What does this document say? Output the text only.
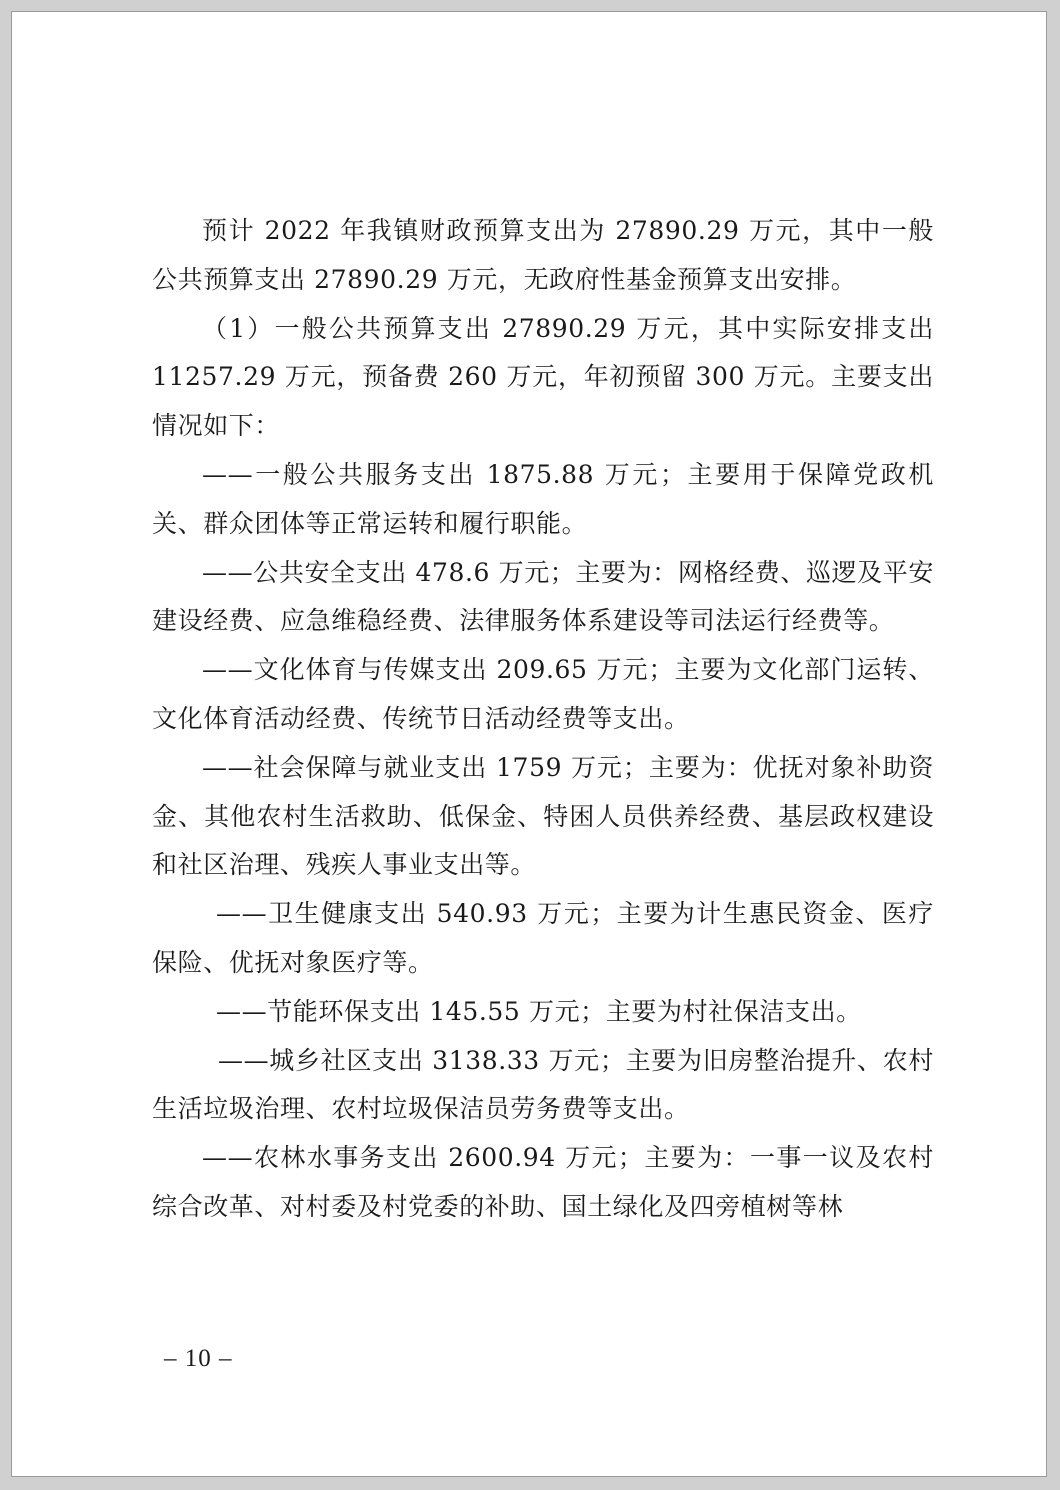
预计 2022 年我镇财政预算支出为 27890.29 万元，其中一般公共预算支出 27890.29 万元，无政府性基金预算支出安排。

（1）一般公共预算支出 27890.29 万元，其中实际安排支出 11257.29 万元，预备费 260 万元，年初预留 300 万元。主要支出情况如下：

——一般公共服务支出 1875.88 万元；主要用于保障党政机关、群众团体等正常运转和履行职能。

——公共安全支出 478.6 万元；主要为：网格经费、巡逻及平安建设经费、应急维稳经费、法律服务体系建设等司法运行经费等。

——文化体育与传媒支出 209.65 万元；主要为文化部门运转、文化体育活动经费、传统节日活动经费等支出。

——社会保障与就业支出 1759 万元；主要为：优抚对象补助资金、其他农村生活救助、低保金、特困人员供养经费、基层政权建设和社区治理、残疾人事业支出等。

——卫生健康支出 540.93 万元；主要为计生惠民资金、医疗保险、优抚对象医疗等。

——节能环保支出 145.55 万元；主要为村社保洁支出。

——城乡社区支出 3138.33 万元；主要为旧房整治提升、农村生活垃圾治理、农村垃圾保洁员劳务费等支出。

——农林水事务支出 2600.94 万元；主要为：一事一议及农村综合改革、对村委及村党委的补助、国土绿化及四旁植树等林

– 10 –
